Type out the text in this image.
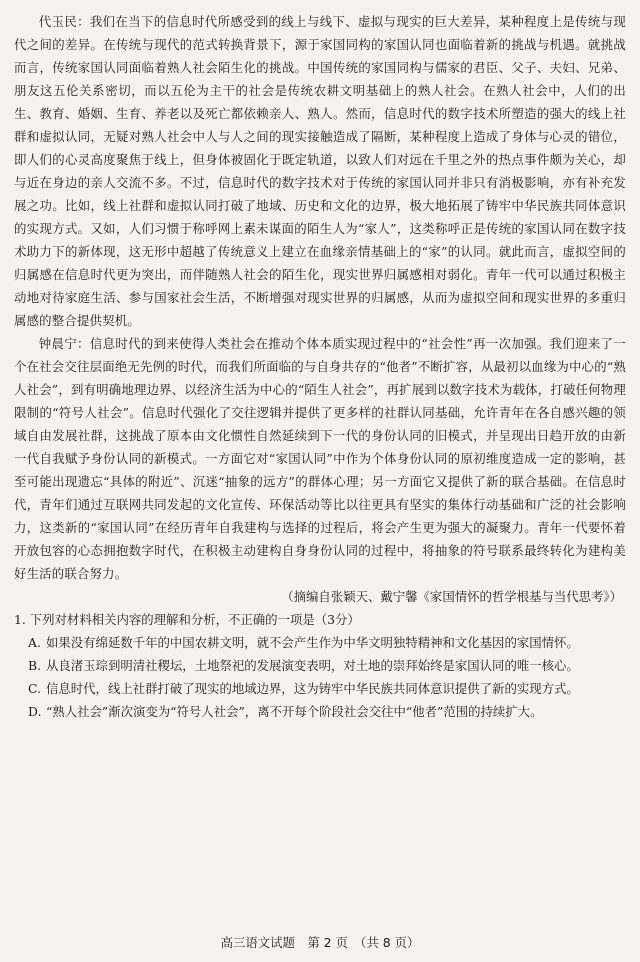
代玉民：我们在当下的信息时代所感受到的线上与线下、虚拟与现实的巨大差异，某种程度上是传统与现代之间的差异。在传统与现代的范式转换背景下，源于家国同构的家国认同也面临着新的挑战与机遇。就挑战而言，传统家国认同面临着熟人社会陌生化的挑战。中国传统的家国同构与儒家的君臣、父子、夫妇、兄弟、朋友这五伦关系密切，而以五伦为主干的社会是传统农耕文明基础上的熟人社会。在熟人社会中，人们的出生、教育、婚姻、生育、养老以及死亡都依赖亲人、熟人。然而，信息时代的数字技术所塑造的强大的线上社群和虚拟认同，无疑对熟人社会中人与人之间的现实接触造成了隔断，某种程度上造成了身体与心灵的错位，即人们的心灵高度聚焦于线上，但身体被固化于既定轨道，以致人们对远在千里之外的热点事件颇为关心，却与近在身边的亲人交流不多。不过，信息时代的数字技术对于传统的家国认同并非只有消极影响，亦有补充发展之功。比如，线上社群和虚拟认同打破了地域、历史和文化的边界，极大地拓展了铸牢中华民族共同体意识的实现方式。又如，人们习惯于称呼网上素未谋面的陌生人为“家人”，这类称呼正是传统的家国认同在数字技术助力下的新体现，这无形中超越了传统意义上建立在血缘亲情基础上的“家”的认同。就此而言，虚拟空间的归属感在信息时代更为突出，而伴随熟人社会的陌生化，现实世界归属感相对弱化。青年一代可以通过积极主动地对待家庭生活、参与国家社会生活，不断增强对现实世界的归属感，从而为虚拟空间和现实世界的多重归属感的整合提供契机。

钟晨宁：信息时代的到来使得人类社会在推动个体本质实现过程中的“社会性”再一次加强。我们迎来了一个在社会交往层面绝无先例的时代，而我们所面临的与自身共存的“他者”不断扩容，从最初以血缘为中心的“熟人社会”，到有明确地理边界、以经济生活为中心的“陌生人社会”，再扩展到以数字技术为载体，打破任何物理限制的“符号人社会”。信息时代强化了交往逻辑并提供了更多样的社群认同基础，允许青年在各自感兴趣的领域自由发展社群，这挑战了原本由文化惯性自然延续到下一代的身份认同的旧模式，并呈现出日趋开放的由新一代自我赋予身份认同的新模式。一方面它对“家国认同”中作为个体身份认同的原初维度造成一定的影响，甚至可能出现遗忘“具体的附近”、沉迷“抽象的远方”的群体心理；另一方面它又提供了新的联合基础。在信息时代，青年们通过互联网共同发起的文化宣传、环保活动等比以往更具有坚实的集体行动基础和广泛的社会影响力，这类新的“家国认同”在经历青年自我建构与选择的过程后，将会产生更为强大的凝聚力。青年一代要怀着开放包容的心态拥抱数字时代，在积极主动建构自身身份认同的过程中，将抽象的符号联系最终转化为建构美好生活的联合努力。

（摘编自张颖天、戴宁馨《家国情怀的哲学根基与当代思考》）

1. 下列对材料相关内容的理解和分析，不正确的一项是（3分）

A. 如果没有绵延数千年的中国农耕文明，就不会产生作为中华文明独特精神和文化基因的家国情怀。
B. 从良渚玉琮到明清社稷坛，土地祭祀的发展演变表明，对土地的崇拜始终是家国认同的唯一核心。
C. 信息时代，线上社群打破了现实的地域边界，这为铸牢中华民族共同体意识提供了新的实现方式。
D. “熟人社会”渐次演变为“符号人社会”，离不开每个阶段社会交往中“他者”范围的持续扩大。
高三语文试题　第 2 页　（共 8 页）
